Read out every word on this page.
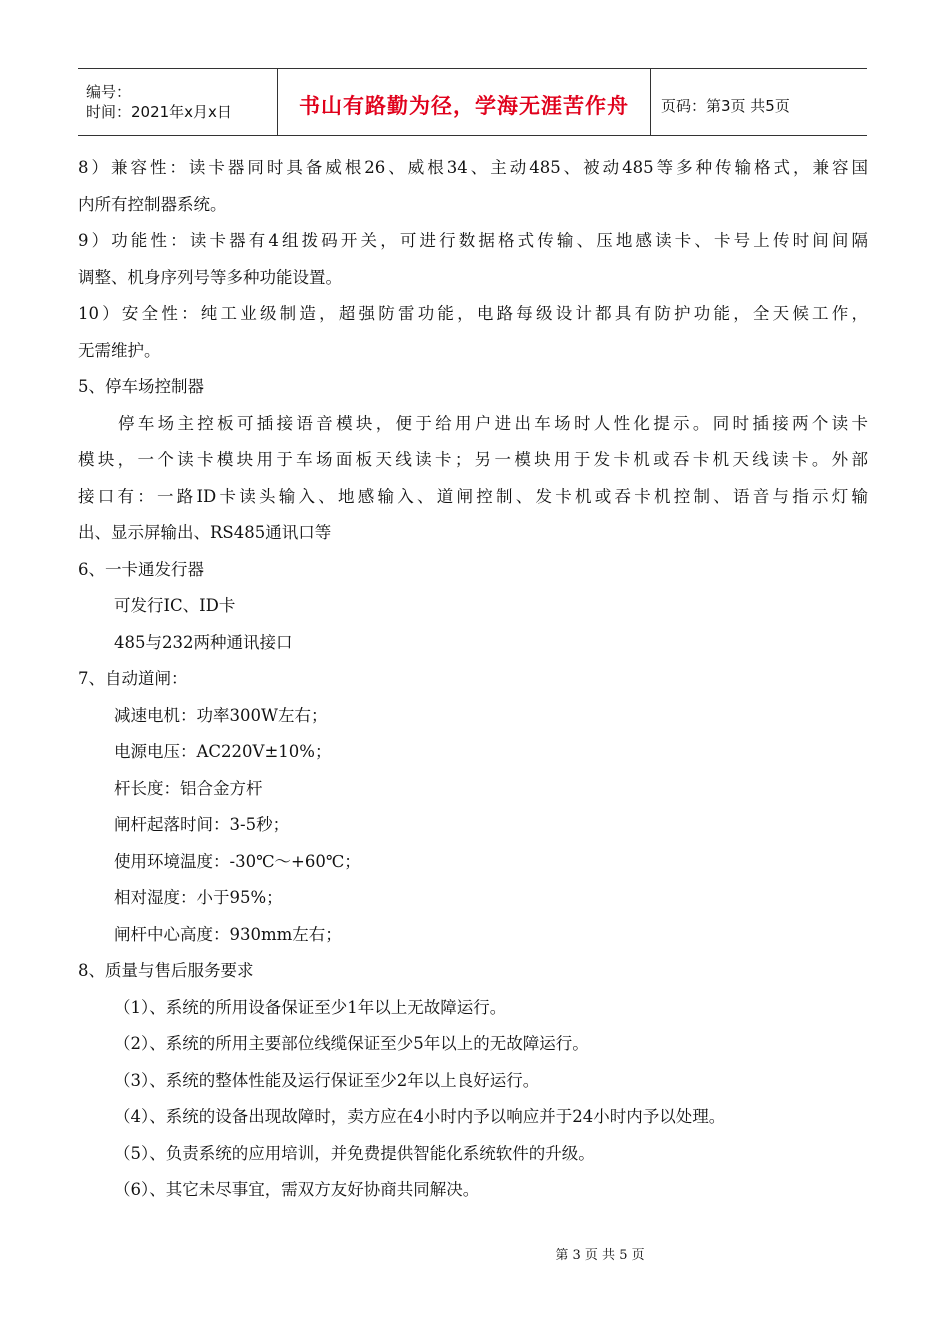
编号：
时间：2021年x月x日	书山有路勤为径，学海无涯苦作舟	页码：第3页 共5页
8）兼容性：读卡器同时具备威根26、威根34、主动485、被动485等多种传输格式，兼容国
内所有控制器系统。
9）功能性：读卡器有4组拨码开关，可进行数据格式传输、压地感读卡、卡号上传时间间隔
调整、机身序列号等多种功能设置。
10）安全性：纯工业级制造，超强防雷功能，电路每级设计都具有防护功能，全天候工作，
无需维护。
5、停车场控制器
停车场主控板可插接语音模块，便于给用户进出车场时人性化提示。同时插接两个读卡
模块，一个读卡模块用于车场面板天线读卡；另一模块用于发卡机或吞卡机天线读卡。外部
接口有：一路ID卡读头输入、地感输入、道闸控制、发卡机或吞卡机控制、语音与指示灯输
出、显示屏输出、RS485通讯口等
6、一卡通发行器
可发行IC、ID卡
485与232两种通讯接口
7、自动道闸：
减速电机：功率300W左右；
电源电压：AC220V±10%；
杆长度：铝合金方杆
闸杆起落时间：3-5秒；
使用环境温度：-30℃～+60℃；
相对湿度：小于95%；
闸杆中心高度：930mm左右；
8、质量与售后服务要求
（1）、系统的所用设备保证至少1年以上无故障运行。
（2）、系统的所用主要部位线缆保证至少5年以上的无故障运行。
（3）、系统的整体性能及运行保证至少2年以上良好运行。
（4）、系统的设备出现故障时，卖方应在4小时内予以响应并于24小时内予以处理。
（5）、负责系统的应用培训，并免费提供智能化系统软件的升级。
（6）、其它未尽事宜，需双方友好协商共同解决。
第 3 页 共 5 页
